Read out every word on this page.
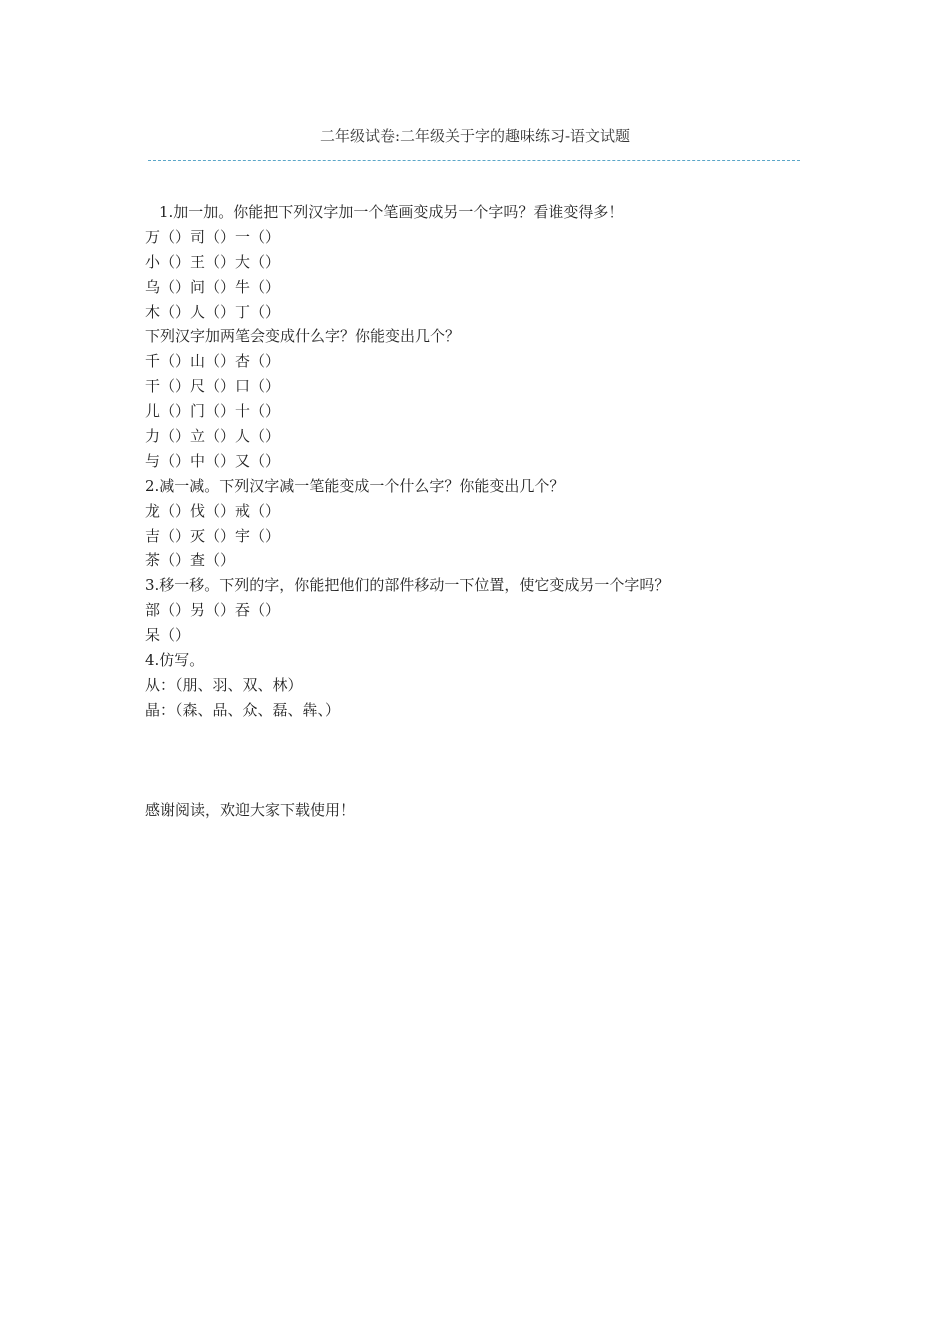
二年级试卷:二年级关于字的趣味练习-语文试题
1.加一加。你能把下列汉字加一个笔画变成另一个字吗？看谁变得多！
万（）司（）一（）
小（）王（）大（）
乌（）问（）牛（）
木（）人（）丁（）
下列汉字加两笔会变成什么字？你能变出几个？
千（）山（）杏（）
干（）尺（）口（）
儿（）门（）十（）
力（）立（）人（）
与（）中（）又（）
2.减一减。下列汉字减一笔能变成一个什么字？你能变出几个？
龙（）伐（）戒（）
吉（）灭（）宇（）
茶（）查（）
3.移一移。下列的字，你能把他们的部件移动一下位置，使它变成另一个字吗？
部（）另（）吞（）
呆（）
4.仿写。
从：（朋、羽、双、林）
晶：（森、品、众、磊、犇、）
感谢阅读，欢迎大家下载使用！
